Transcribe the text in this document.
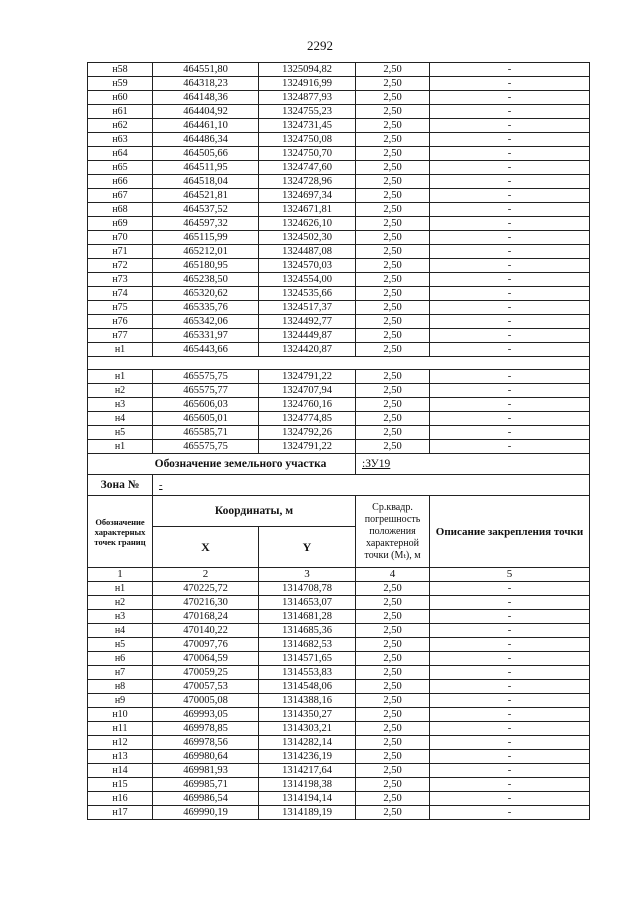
2292
н58	464551,80	1325094,82	2,50	-
н59	464318,23	1324916,99	2,50	-
н60	464148,36	1324877,93	2,50	-
н61	464404,92	1324755,23	2,50	-
н62	464461,10	1324731,45	2,50	-
н63	464486,34	1324750,08	2,50	-
н64	464505,66	1324750,70	2,50	-
н65	464511,95	1324747,60	2,50	-
н66	464518,04	1324728,96	2,50	-
н67	464521,81	1324697,34	2,50	-
н68	464537,52	1324671,81	2,50	-
н69	464597,32	1324626,10	2,50	-
н70	465115,99	1324502,30	2,50	-
н71	465212,01	1324487,08	2,50	-
н72	465180,95	1324570,03	2,50	-
н73	465238,50	1324554,00	2,50	-
н74	465320,62	1324535,66	2,50	-
н75	465335,76	1324517,37	2,50	-
н76	465342,06	1324492,77	2,50	-
н77	465331,97	1324449,87	2,50	-
н1	465443,66	1324420,87	2,50	-

н1	465575,75	1324791,22	2,50	-
н2	465575,77	1324707,94	2,50	-
н3	465606,03	1324760,16	2,50	-
н4	465605,01	1324774,85	2,50	-
н5	465585,71	1324792,26	2,50	-
н1	465575,75	1324791,22	2,50	-
Обозначение земельного участка			:ЗУ19	
Зона №	-			
Обозначение характерных точек границ	Координаты, м		Ср.квадр. погрешность положения характерной точки (Mₜ), м	Описание закрепления точки
	X	Y		
1	2	3	4	5
н1	470225,72	1314708,78	2,50	-
н2	470216,30	1314653,07	2,50	-
н3	470168,24	1314681,28	2,50	-
н4	470140,22	1314685,36	2,50	-
н5	470097,76	1314682,53	2,50	-
н6	470064,59	1314571,65	2,50	-
н7	470059,25	1314553,83	2,50	-
н8	470057,53	1314548,06	2,50	-
н9	470005,08	1314388,16	2,50	-
н10	469993,05	1314350,27	2,50	-
н11	469978,85	1314303,21	2,50	-
н12	469978,56	1314282,14	2,50	-
н13	469980,64	1314236,19	2,50	-
н14	469981,93	1314217,64	2,50	-
н15	469985,71	1314198,38	2,50	-
н16	469986,54	1314194,14	2,50	-
н17	469990,19	1314189,19	2,50	-
